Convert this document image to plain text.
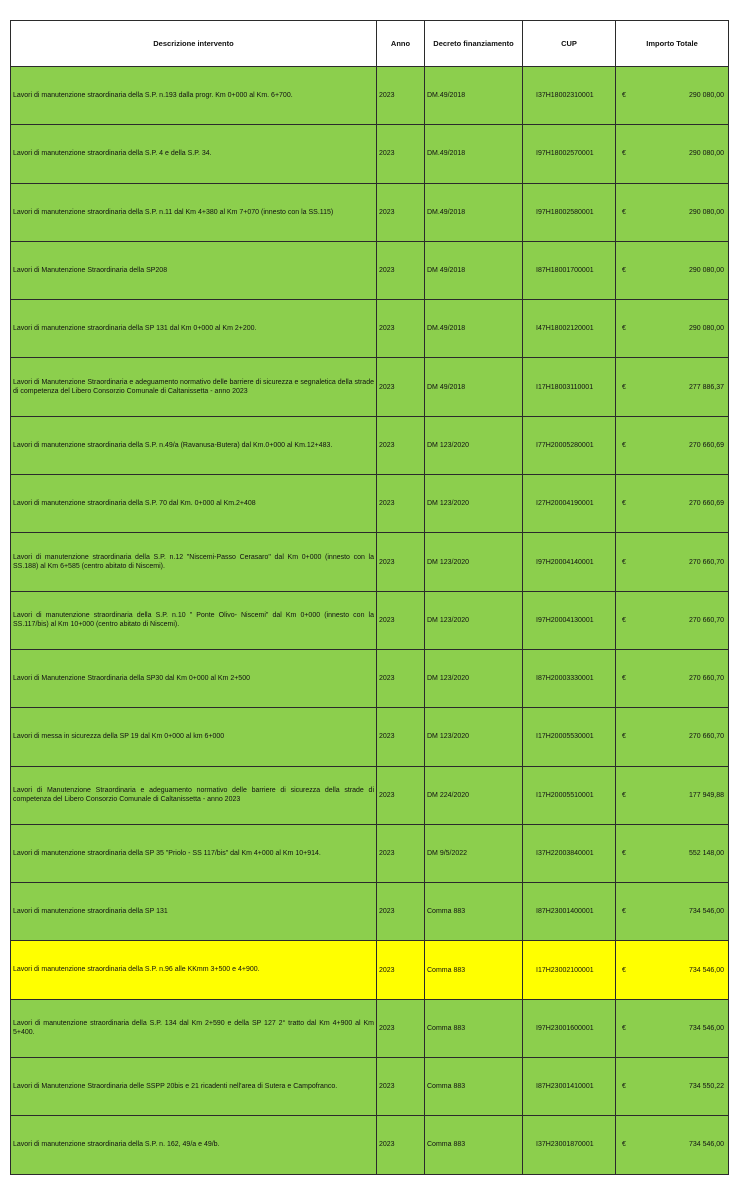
Descrizione intervento	Anno	Decreto finanziamento	CUP	Importo Totale
Lavori di manutenzione straordinaria della S.P. n.193 dalla progr. Km 0+000 al Km. 6+700.	2023	DM.49/2018	I37H18002310001	€ 290 080,00

Lavori di manutenzione straordinaria della S.P. 4 e della S.P. 34.	2023	DM.49/2018	I97H18002570001	€ 290 080,00

Lavori di manutenzione straordinaria della S.P. n.11 dal Km 4+380 al Km 7+070 (innesto con la SS.115)	2023	DM.49/2018	I97H18002580001	€ 290 080,00

Lavori di Manutenzione Straordinaria della SP208	2023	DM 49/2018	I87H18001700001	€ 290 080,00

Lavori di manutenzione straordinaria della SP 131 dal Km 0+000 al Km 2+200.	2023	DM.49/2018	I47H18002120001	€ 290 080,00

Lavori di Manutenzione Straordinaria e adeguamento normativo delle barriere di sicurezza e segnaletica della strade di competenza del Libero Consorzio Comunale di Caltanissetta - anno 2023	2023	DM 49/2018	I17H18003110001	€ 277 886,37

Lavori di manutenzione straordinaria della S.P. n.49/a (Ravanusa-Butera) dal Km.0+000 al Km.12+483.	2023	DM 123/2020	I77H20005280001	€ 270 660,69

Lavori di manutenzione straordinaria della S.P. 70 dal Km. 0+000 al Km.2+408	2023	DM 123/2020	I27H20004190001	€ 270 660,69

Lavori di manutenzione straordinaria della S.P. n.12 "Niscemi-Passo Cerasaro" dal Km 0+000 (innesto con la SS.188) al Km 6+585 (centro abitato di Niscemi).	2023	DM 123/2020	I97H20004140001	€ 270 660,70

Lavori di manutenzione straordinaria della S.P. n.10 " Ponte Olivo- Niscemi" dal Km 0+000 (innesto con la SS.117/bis) al Km 10+000 (centro abitato di Niscemi).	2023	DM 123/2020	I97H20004130001	€ 270 660,70

Lavori di Manutenzione Straordinaria della SP30 dal Km 0+000 al Km 2+500	2023	DM 123/2020	I87H20003330001	€ 270 660,70

Lavori di messa in sicurezza della SP 19 dal Km 0+000 al km 6+000	2023	DM 123/2020	I17H20005530001	€ 270 660,70

Lavori di Manutenzione Straordinaria e adeguamento normativo delle barriere di sicurezza della strade di competenza del Libero Consorzio Comunale di Caltanissetta - anno 2023	2023	DM 224/2020	I17H20005510001	€ 177 949,88

Lavori di manutenzione straordinaria della SP 35 "Priolo - SS 117/bis" dal Km 4+000 al Km 10+914.	2023	DM 9/5/2022	I37H22003840001	€ 552 148,00

Lavori di manutenzione straordinaria della SP 131	2023	Comma 883	I87H23001400001	€ 734 546,00

Lavori di manutenzione straordinaria della S.P. n.96 alle KKmm 3+500 e 4+900.	2023	Comma 883	I17H23002100001	€ 734 546,00

Lavori di manutenzione straordinaria della S.P. 134 dal Km 2+590 e della SP 127 2° tratto dal Km 4+900 al Km 5+400.	2023	Comma 883	I97H23001600001	€ 734 546,00

Lavori di Manutenzione Straordinaria delle SSPP 20bis e 21 ricadenti nell'area di Sutera e Campofranco.	2023	Comma 883	I87H23001410001	€ 734 550,22

Lavori di manutenzione straordinaria della S.P. n. 162, 49/a e 49/b.	2023	Comma 883	I37H23001870001	€ 734 546,00
